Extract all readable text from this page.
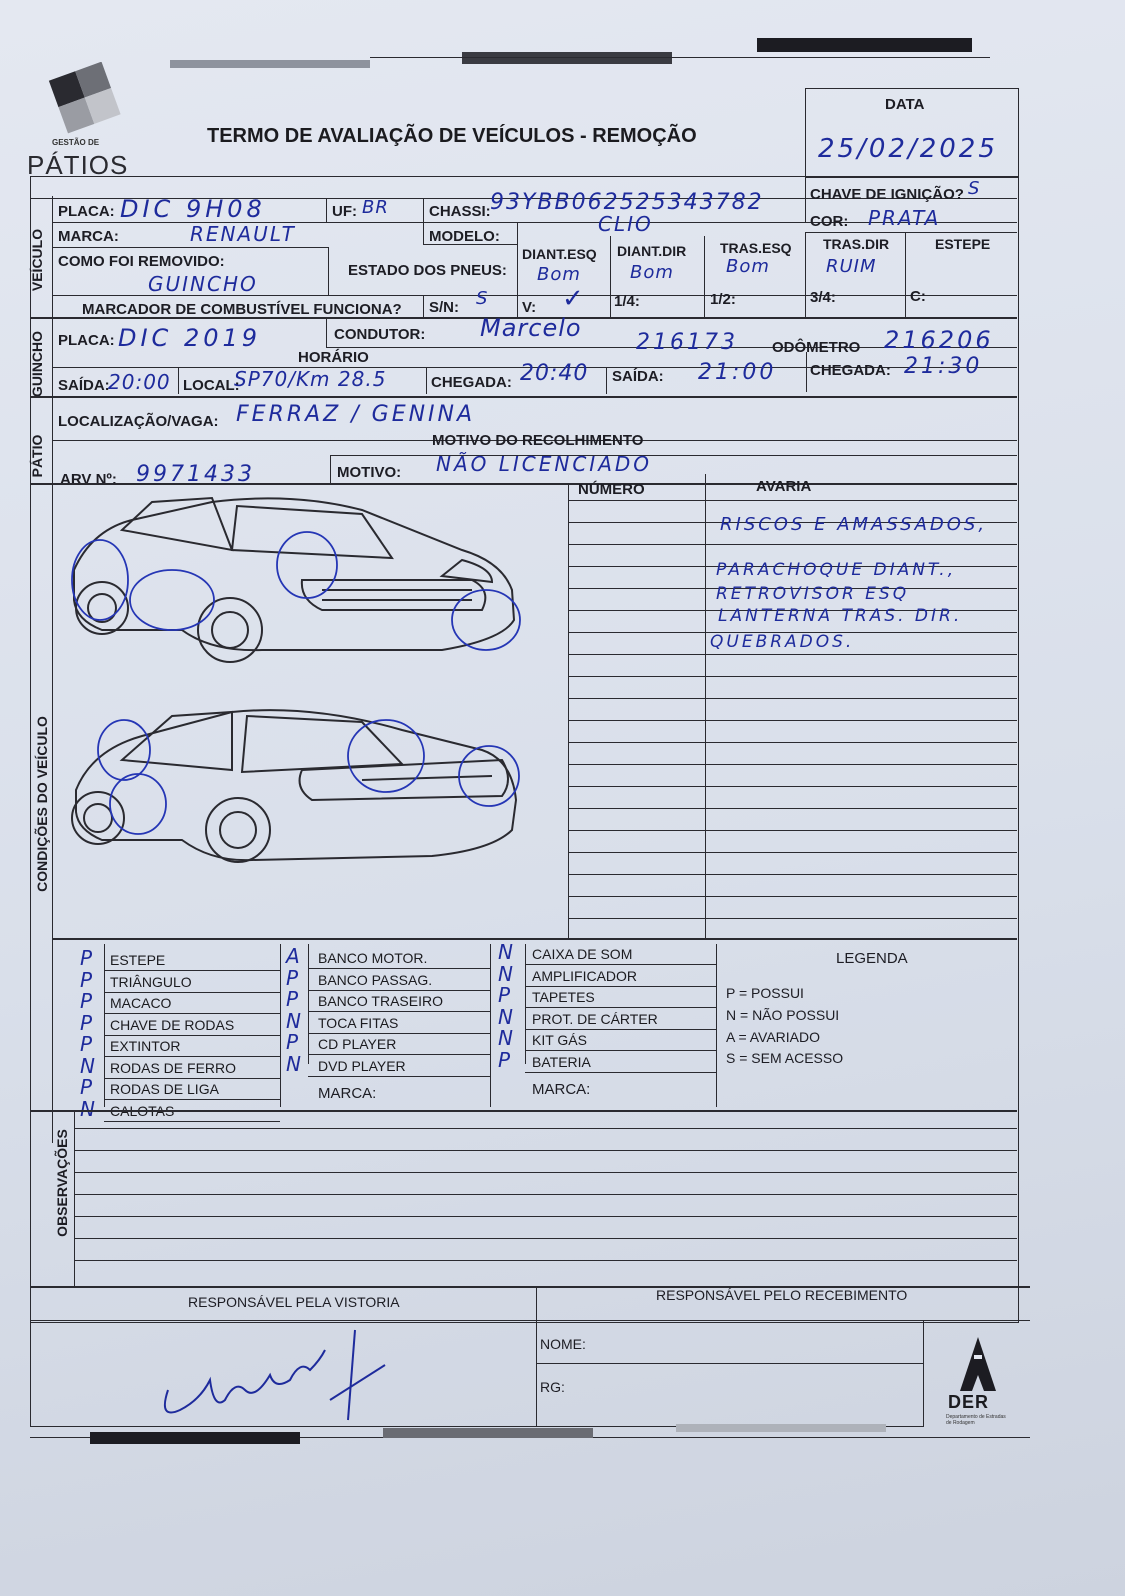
GESTÃO DE
PÁTIOS
TERMO DE AVALIAÇÃO DE VEÍCULOS - REMOÇÃO
DATA
25/02/2025
VEÍCULO
PLACA: DIC 9H08	UF: BR	CHASSI: 93YBB062525343782	CHAVE DE IGNIÇÃO? S
MARCA:	RENAULT	MODELO:
CLIO	COR: PRATA
COMO FOI REMOVIDO:
GUINCHO
ESTADO DOS PNEUS:
DIANT.ESQ DIANT.DIR TRAS.ESQ TRAS.DIR	ESTEPE
Bom	Bom	Bom	RUIM
MARCADOR DE COMBUSTÍVEL FUNCIONA? S/N: S V: ✓ 1/4:	1/2:	3/4:	C:
GUINCHO PLACA: DIC 2019	CONDUTOR: Marcelo
HORÁRIO
216173 ODÔMETRO 216206
SAÍDA:
20:00 LOCAL:
SP70/Km 28.5	CHEGADA: 20:40 SAÍDA: 21:00 CHEGADA: 21:30
PÁTIO
LOCALIZAÇÃO/VAGA: FERRAZ / GENINA
MOTIVO DO RECOLHIMENTO
ARV Nº: 9971433	MOTIVO: NÃO LICENCIADO
CONDIÇÕES DO VEÍCULO
NÚMERO	AVARIA
RISCOS E AMASSADOS,
PARACHOQUE DIANT.,
RETROVISOR ESQ
LANTERNA TRAS. DIR.
QUEBRADOS.
P ESTEPE
P TRIÂNGULO
P MACACO
P CHAVE DE RODAS
P EXTINTOR
N RODAS DE FERRO
P RODAS DE LIGA
N CALOTAS
A BANCO MOTOR.
P BANCO PASSAG.
P BANCO TRASEIRO
N TOCA FITAS
P CD PLAYER
N DVD PLAYER
N CAIXA DE SOM
N AMPLIFICADOR
P TAPETES
N PROT. DE CÁRTER
N KIT GÁS
P BATERIA
MARCA:	MARCA:
LEGENDA
P = POSSUI
N = NÃO POSSUI
A = AVARIADO
S = SEM ACESSO
OBSERVAÇÕES
RESPONSÁVEL PELA VISTORIA	RESPONSÁVEL PELO RECEBIMENTO
NOME:
RG:
DER
Departamento de Estradas de Rodagem
